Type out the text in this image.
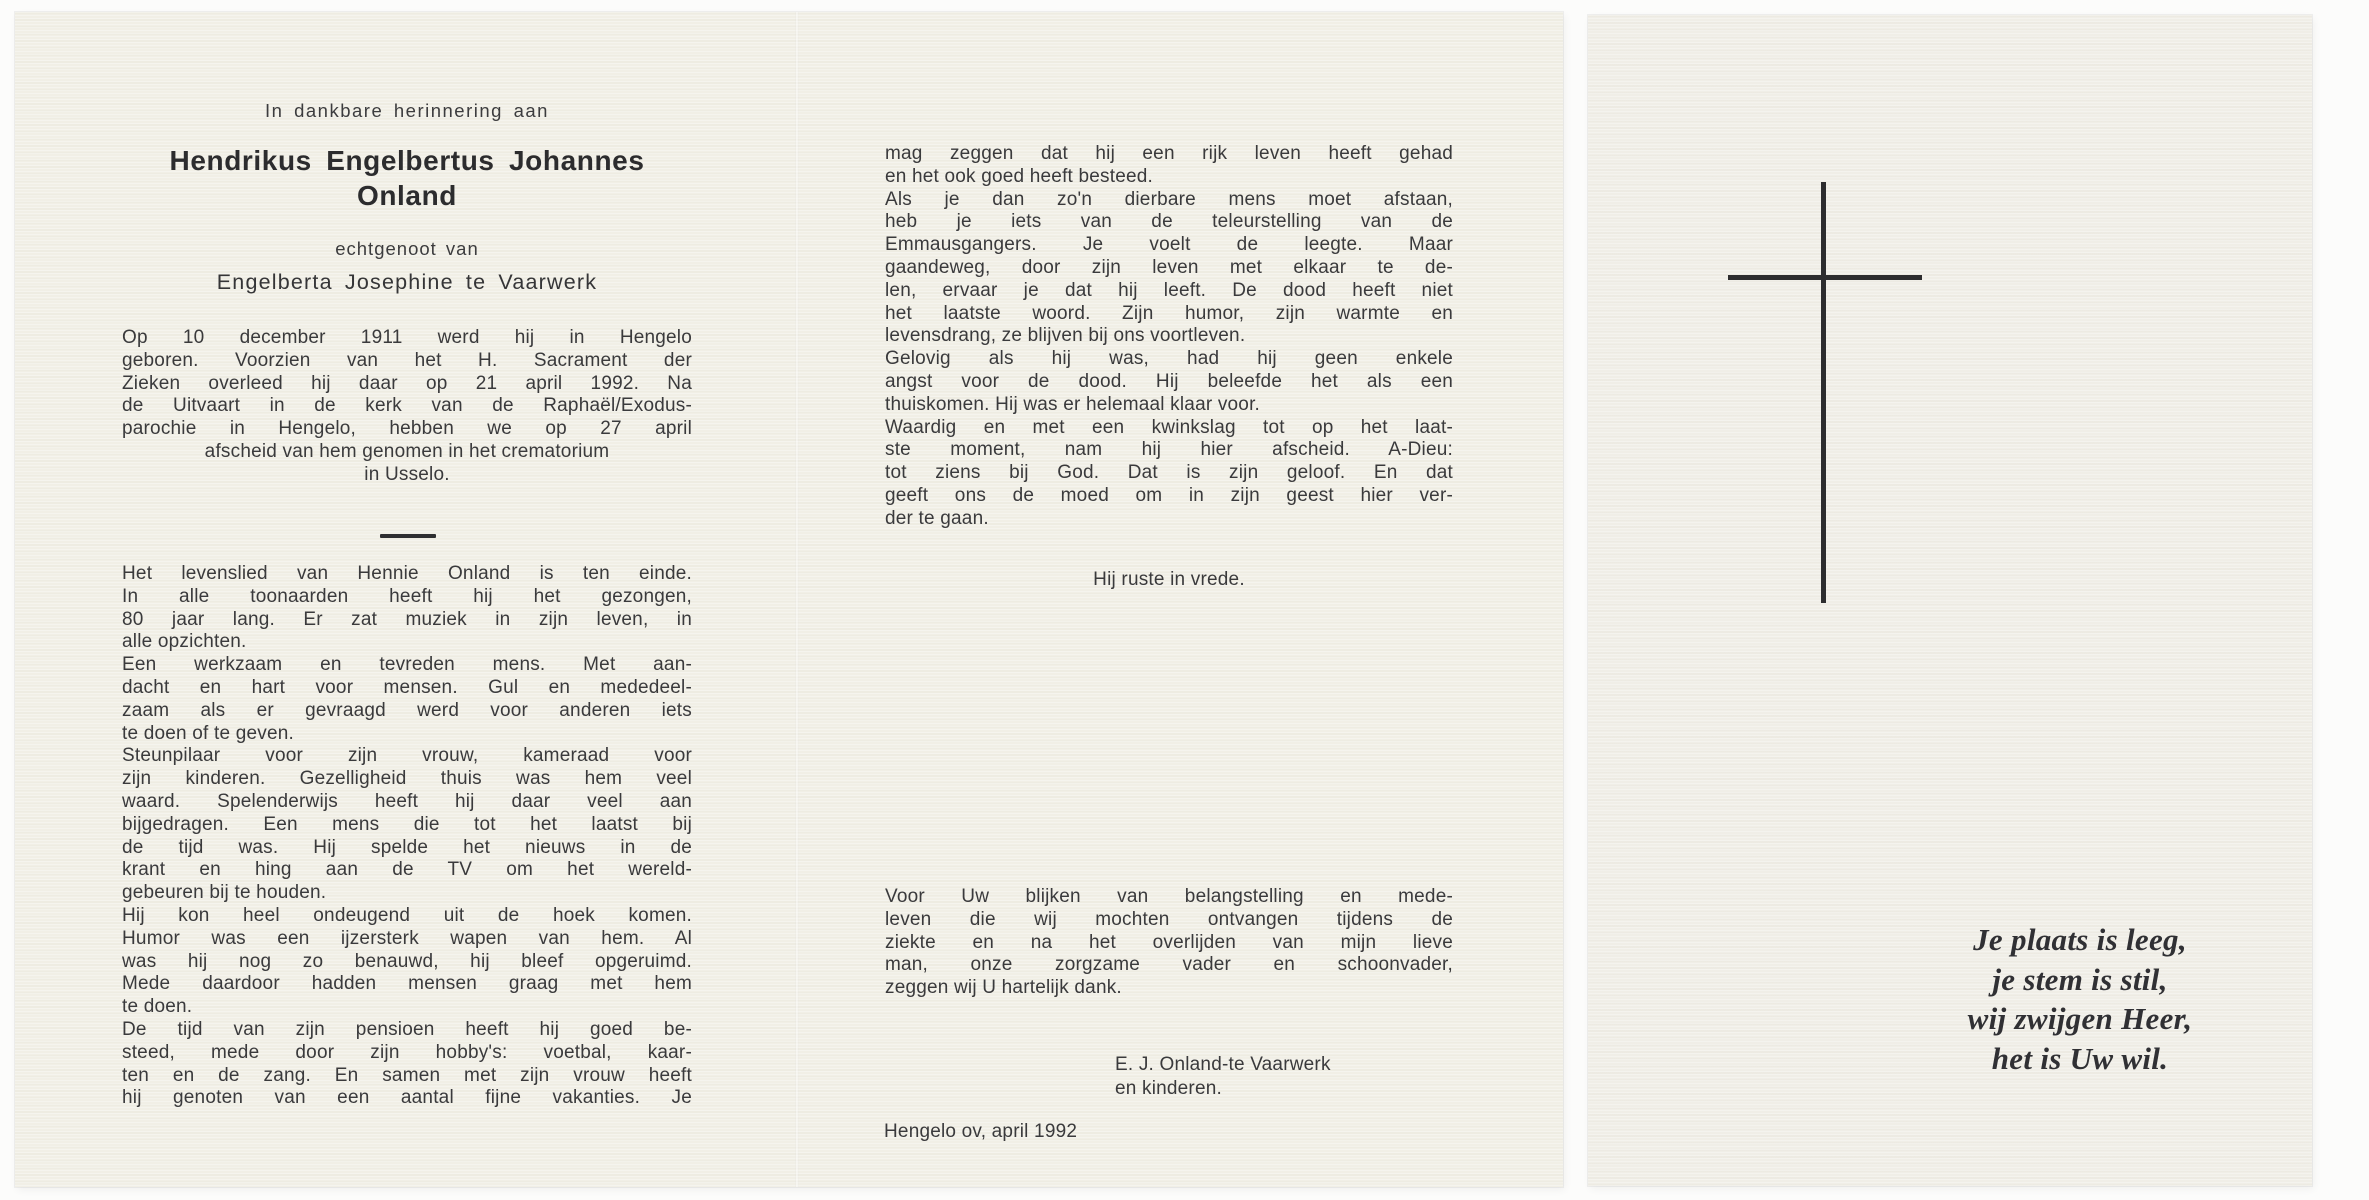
In dankbare herinnering aan
Hendrikus Engelbertus Johannes
Onland
echtgenoot van
Engelberta Josephine te Vaarwerk
Op 10 december 1911 werd hij in Hengelo
geboren. Voorzien van het H. Sacrament der
Zieken overleed hij daar op 21 april 1992. Na
de Uitvaart in de kerk van de Raphaël/Exodus-
parochie in Hengelo, hebben we op 27 april
afscheid van hem genomen in het crematorium
in Usselo.
Het levenslied van Hennie Onland is ten einde.
In alle toonaarden heeft hij het gezongen,
80 jaar lang. Er zat muziek in zijn leven, in
alle opzichten.
Een werkzaam en tevreden mens. Met aan-
dacht en hart voor mensen. Gul en mededeel-
zaam als er gevraagd werd voor anderen iets
te doen of te geven.
Steunpilaar voor zijn vrouw, kameraad voor
zijn kinderen. Gezelligheid thuis was hem veel
waard. Spelenderwijs heeft hij daar veel aan
bijgedragen. Een mens die tot het laatst bij
de tijd was. Hij spelde het nieuws in de
krant en hing aan de TV om het wereld-
gebeuren bij te houden.
Hij kon heel ondeugend uit de hoek komen.
Humor was een ijzersterk wapen van hem. Al
was hij nog zo benauwd, hij bleef opgeruimd.
Mede daardoor hadden mensen graag met hem
te doen.
De tijd van zijn pensioen heeft hij goed be-
steed, mede door zijn hobby's: voetbal, kaar-
ten en de zang. En samen met zijn vrouw heeft
hij genoten van een aantal fijne vakanties. Je
mag zeggen dat hij een rijk leven heeft gehad
en het ook goed heeft besteed.
Als je dan zo'n dierbare mens moet afstaan,
heb je iets van de teleurstelling van de
Emmausgangers. Je voelt de leegte. Maar
gaandeweg, door zijn leven met elkaar te de-
len, ervaar je dat hij leeft. De dood heeft niet
het laatste woord. Zijn humor, zijn warmte en
levensdrang, ze blijven bij ons voortleven.
Gelovig als hij was, had hij geen enkele
angst voor de dood. Hij beleefde het als een
thuiskomen. Hij was er helemaal klaar voor.
Waardig en met een kwinkslag tot op het laat-
ste moment, nam hij hier afscheid. A-Dieu:
tot ziens bij God. Dat is zijn geloof. En dat
geeft ons de moed om in zijn geest hier ver-
der te gaan.
Hij ruste in vrede.
Voor Uw blijken van belangstelling en mede-
leven die wij mochten ontvangen tijdens de
ziekte en na het overlijden van mijn lieve
man, onze zorgzame vader en schoonvader,
zeggen wij U hartelijk dank.
E. J. Onland-te Vaarwerk
en kinderen.
Hengelo ov, april 1992
Je plaats is leeg,
je stem is stil,
wij zwijgen Heer,
het is Uw wil.
